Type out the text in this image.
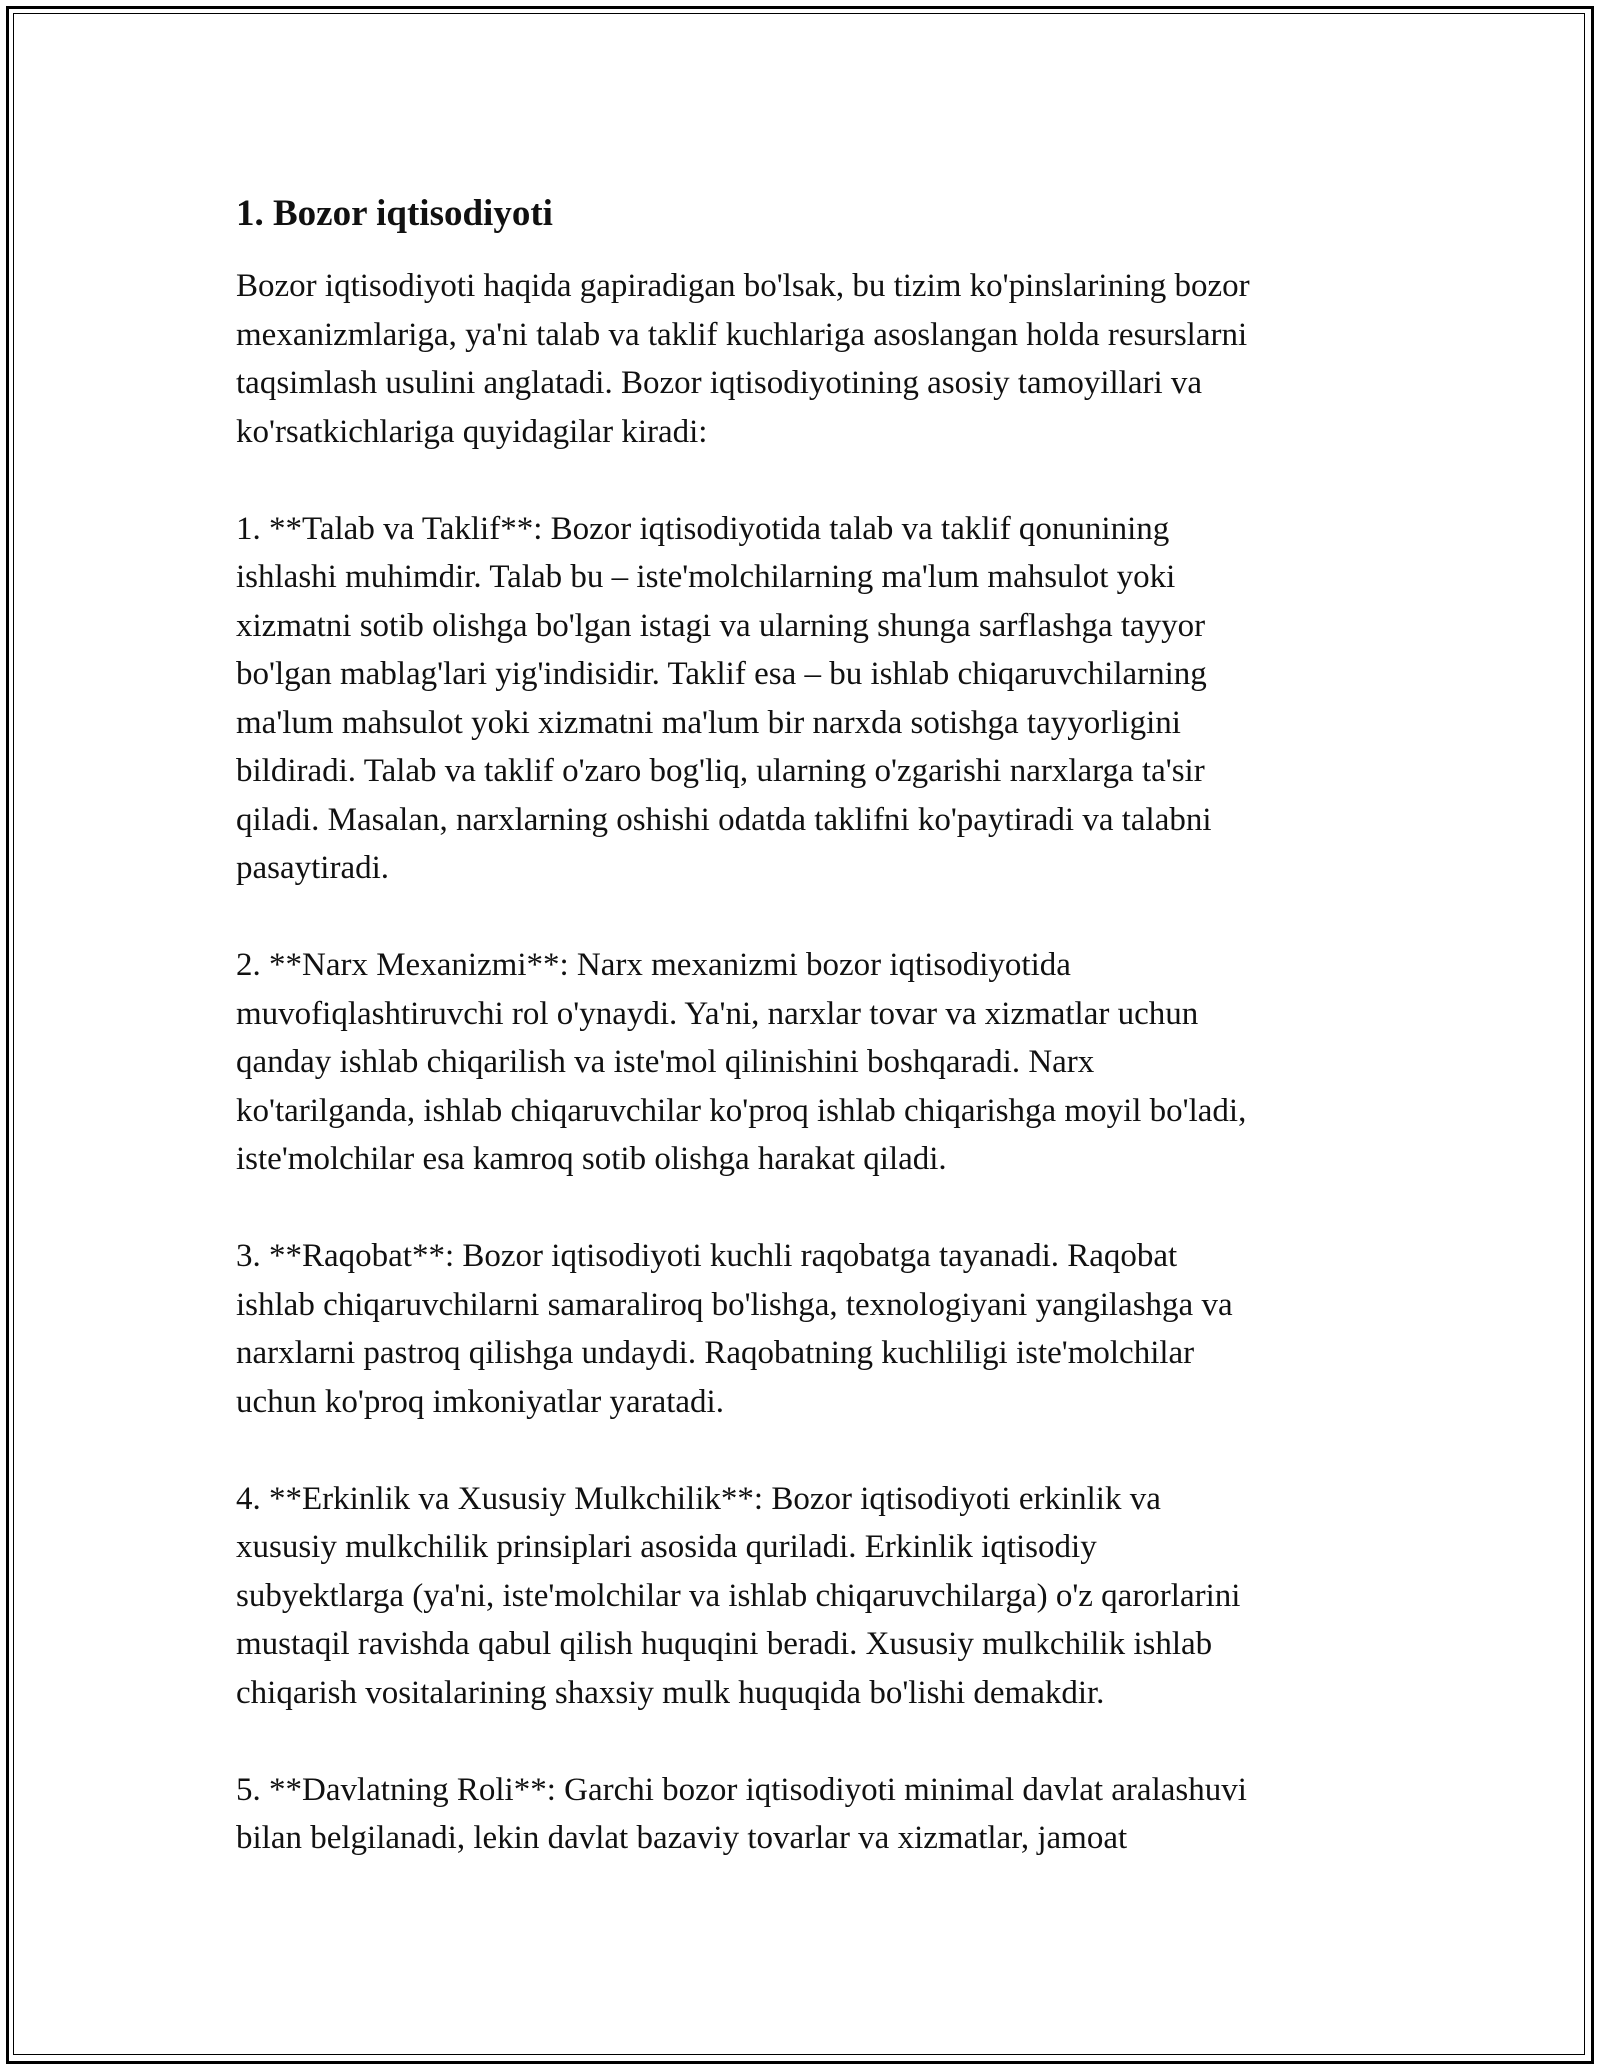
1. Bozor iqtisodiyoti

Bozor iqtisodiyoti haqida gapiradigan bo'lsak, bu tizim ko'pinslarining bozor
mexanizmlariga, ya'ni talab va taklif kuchlariga asoslangan holda resurslarni
taqsimlash usulini anglatadi. Bozor iqtisodiyotining asosiy tamoyillari va
ko'rsatkichlariga quyidagilar kiradi:

1. **Talab va Taklif**: Bozor iqtisodiyotida talab va taklif qonunining
ishlashi muhimdir. Talab bu – iste'molchilarning ma'lum mahsulot yoki
xizmatni sotib olishga bo'lgan istagi va ularning shunga sarflashga tayyor
bo'lgan mablag'lari yig'indisidir. Taklif esa – bu ishlab chiqaruvchilarning
ma'lum mahsulot yoki xizmatni ma'lum bir narxda sotishga tayyorligini
bildiradi. Talab va taklif o'zaro bog'liq, ularning o'zgarishi narxlarga ta'sir
qiladi. Masalan, narxlarning oshishi odatda taklifni ko'paytiradi va talabni
pasaytiradi.

2. **Narx Mexanizmi**: Narx mexanizmi bozor iqtisodiyotida
muvofiqlashtiruvchi rol o'ynaydi. Ya'ni, narxlar tovar va xizmatlar uchun
qanday ishlab chiqarilish va iste'mol qilinishini boshqaradi. Narx
ko'tarilganda, ishlab chiqaruvchilar ko'proq ishlab chiqarishga moyil bo'ladi,
iste'molchilar esa kamroq sotib olishga harakat qiladi.

3. **Raqobat**: Bozor iqtisodiyoti kuchli raqobatga tayanadi. Raqobat
ishlab chiqaruvchilarni samaraliroq bo'lishga, texnologiyani yangilashga va
narxlarni pastroq qilishga undaydi. Raqobatning kuchliligi iste'molchilar
uchun ko'proq imkoniyatlar yaratadi.

4. **Erkinlik va Xususiy Mulkchilik**: Bozor iqtisodiyoti erkinlik va
xususiy mulkchilik prinsiplari asosida quriladi. Erkinlik iqtisodiy
subyektlarga (ya'ni, iste'molchilar va ishlab chiqaruvchilarga) o'z qarorlarini
mustaqil ravishda qabul qilish huquqini beradi. Xususiy mulkchilik ishlab
chiqarish vositalarining shaxsiy mulk huquqida bo'lishi demakdir.

5. **Davlatning Roli**: Garchi bozor iqtisodiyoti minimal davlat aralashuvi
bilan belgilanadi, lekin davlat bazaviy tovarlar va xizmatlar, jamoat
